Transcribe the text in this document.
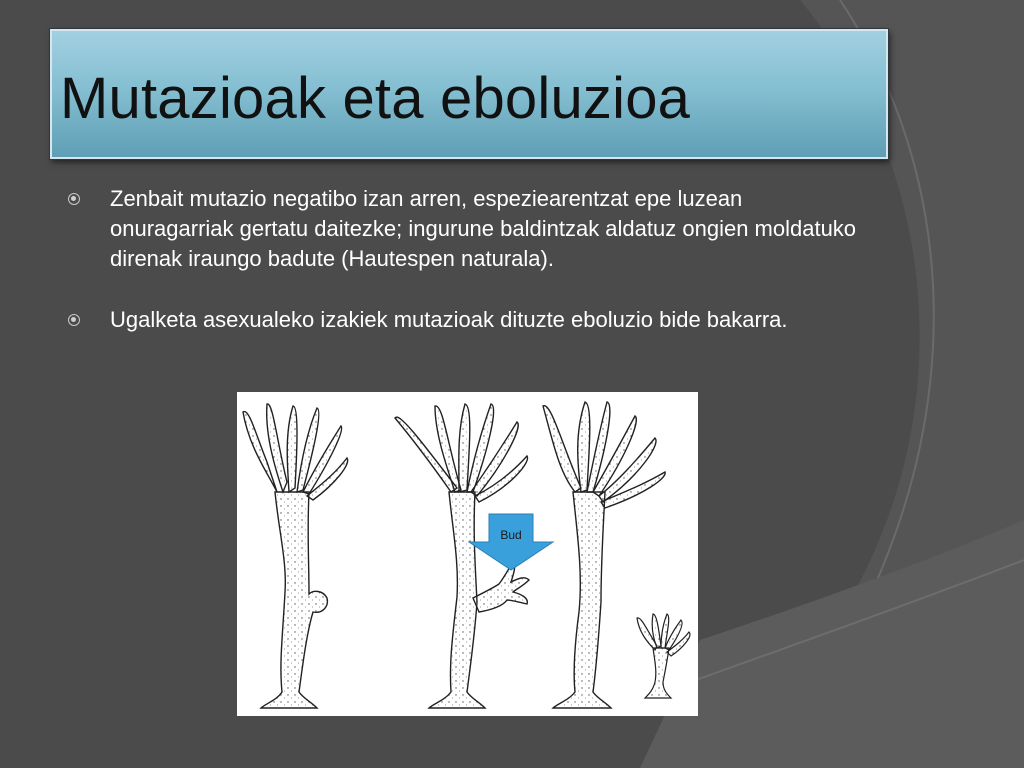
Mutazioak eta eboluzioa
Zenbait mutazio negatibo izan arren, espeziearentzat epe luzean onuragarriak gertatu daitezke; ingurune baldintzak aldatuz ongien moldatuko direnak iraungo badute (Hautespen naturala).
Ugalketa asexualeko izakiek mutazioak dituzte eboluzio bide bakarra.
Bud
